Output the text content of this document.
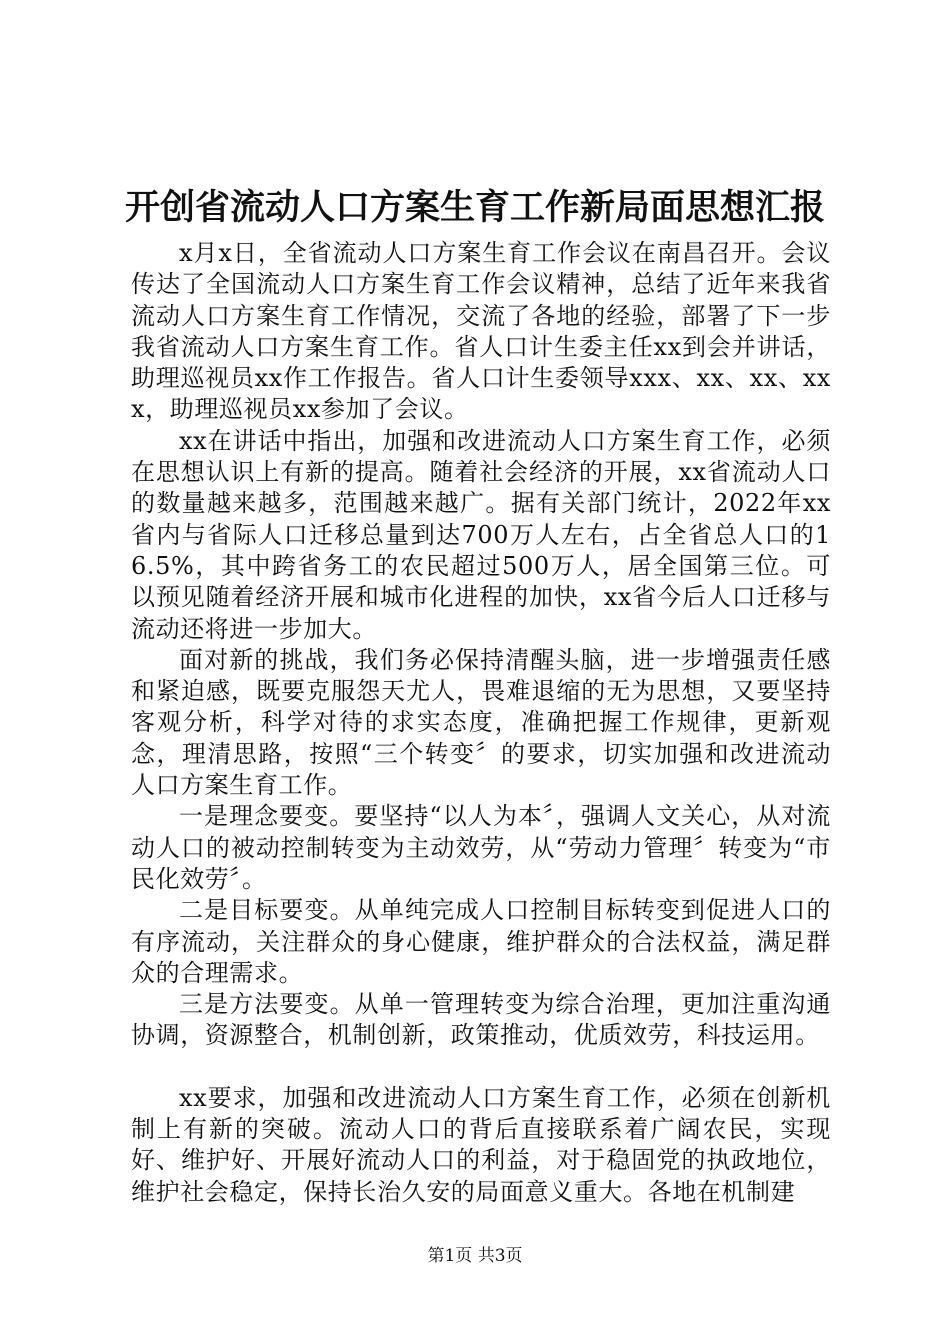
开创省流动人口方案生育工作新局面思想汇报

x月x日，全省流动人口方案生育工作会议在南昌召开。会议传达了全国流动人口方案生育工作会议精神，总结了近年来我省流动人口方案生育工作情况，交流了各地的经验，部署了下一步我省流动人口方案生育工作。省人口计生委主任xx到会并讲话，助理巡视员xx作工作报告。省人口计生委领导xxx、xx、xx、xxx，助理巡视员xx参加了会议。

xx在讲话中指出，加强和改进流动人口方案生育工作，必须在思想认识上有新的提高。随着社会经济的开展，xx省流动人口的数量越来越多，范围越来越广。据有关部门统计，2022年xx省内与省际人口迁移总量到达700万人左右，占全省总人口的16.5%，其中跨省务工的农民超过500万人，居全国第三位。可以预见随着经济开展和城市化进程的加快，xx省今后人口迁移与流动还将进一步加大。

面对新的挑战，我们务必保持清醒头脑，进一步增强责任感和紧迫感，既要克服怨天尤人，畏难退缩的无为思想，又要坚持客观分析，科学对待的求实态度，准确把握工作规律，更新观念，理清思路，按照“三个转变〞的要求，切实加强和改进流动人口方案生育工作。

一是理念要变。要坚持“以人为本〞，强调人文关心，从对流动人口的被动控制转变为主动效劳，从“劳动力管理〞转变为“市民化效劳〞。

二是目标要变。从单纯完成人口控制目标转变到促进人口的有序流动，关注群众的身心健康，维护群众的合法权益，满足群众的合理需求。

三是方法要变。从单一管理转变为综合治理，更加注重沟通协调，资源整合，机制创新，政策推动，优质效劳，科技运用。

xx要求，加强和改进流动人口方案生育工作，必须在创新机制上有新的突破。流动人口的背后直接联系着广阔农民，实现好、维护好、开展好流动人口的利益，对于稳固党的执政地位，维护社会稳定，保持长治久安的局面意义重大。各地在机制建

第1页 共3页
